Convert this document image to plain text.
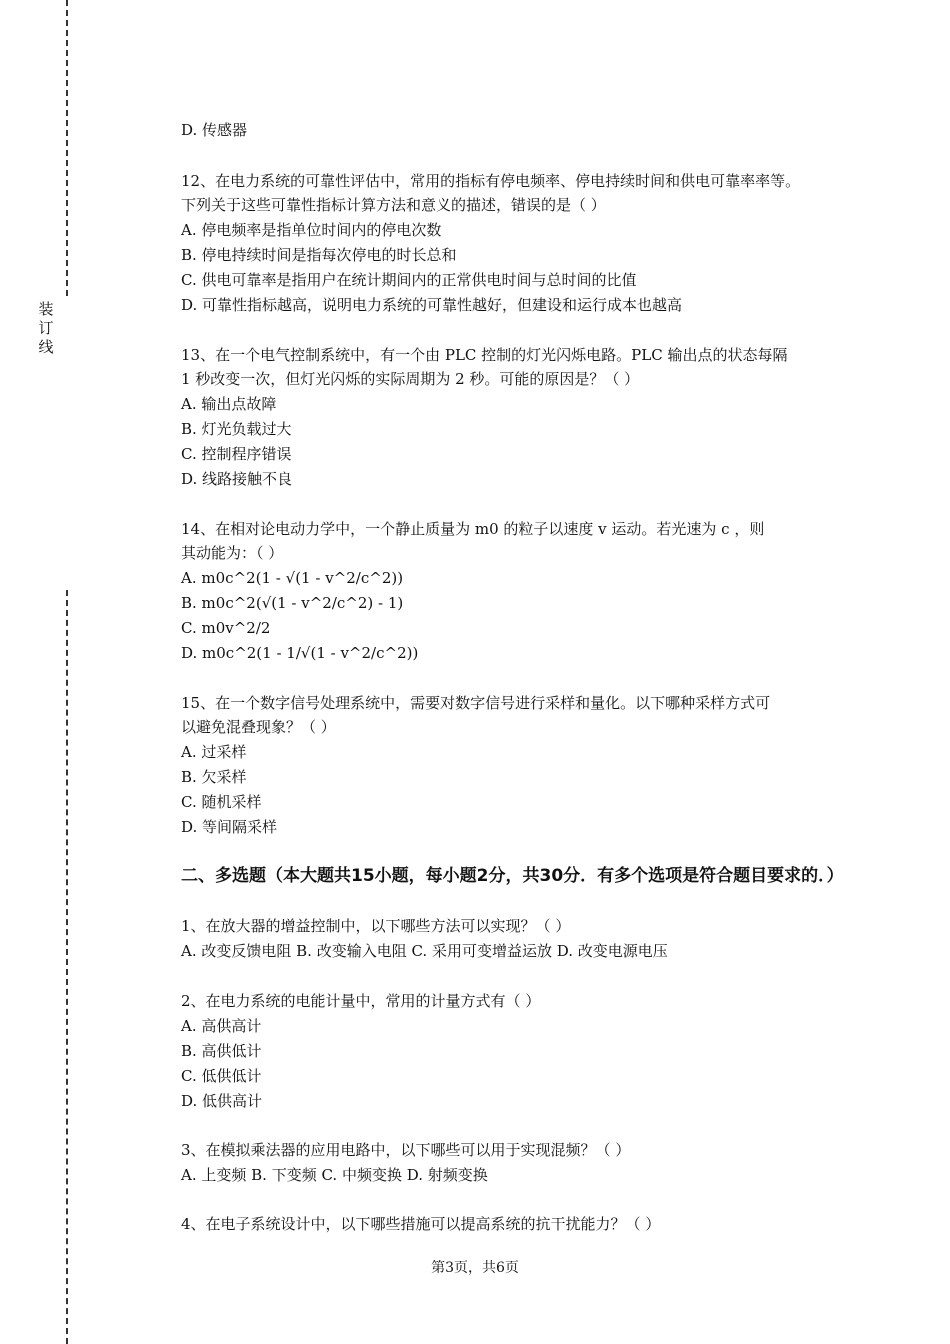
装
订
线
D. 传感器
12、在电力系统的可靠性评估中，常用的指标有停电频率、停电持续时间和供电可靠率率等。
下列关于这些可靠性指标计算方法和意义的描述，错误的是（ ）
A. 停电频率是指单位时间内的停电次数
B. 停电持续时间是指每次停电的时长总和
C. 供电可靠率是指用户在统计期间内的正常供电时间与总时间的比值
D. 可靠性指标越高，说明电力系统的可靠性越好，但建设和运行成本也越高
13、在一个电气控制系统中，有一个由 PLC 控制的灯光闪烁电路。PLC 输出点的状态每隔
1 秒改变一次，但灯光闪烁的实际周期为 2 秒。可能的原因是？（ ）
A. 输出点故障
B. 灯光负载过大
C. 控制程序错误
D. 线路接触不良
14、在相对论电动力学中，一个静止质量为 m0 的粒子以速度 v 运动。若光速为 c ，则
其动能为：（ ）
A. m0c^2(1 - √(1 - v^2/c^2))
B. m0c^2(√(1 - v^2/c^2) - 1)
C. m0v^2/2
D. m0c^2(1 - 1/√(1 - v^2/c^2))
15、在一个数字信号处理系统中，需要对数字信号进行采样和量化。以下哪种采样方式可
以避免混叠现象？（ ）
A. 过采样
B. 欠采样
C. 随机采样
D. 等间隔采样
二、多选题（本大题共15小题，每小题2分，共30分．有多个选项是符合题目要求的．）
1、在放大器的增益控制中，以下哪些方法可以实现？（ ）
A. 改变反馈电阻 B. 改变输入电阻 C. 采用可变增益运放 D. 改变电源电压
2、在电力系统的电能计量中，常用的计量方式有（ ）
A. 高供高计
B. 高供低计
C. 低供低计
D. 低供高计
3、在模拟乘法器的应用电路中，以下哪些可以用于实现混频？（ ）
A. 上变频 B. 下变频 C. 中频变换 D. 射频变换
4、在电子系统设计中，以下哪些措施可以提高系统的抗干扰能力？（ ）
第3页，共6页
